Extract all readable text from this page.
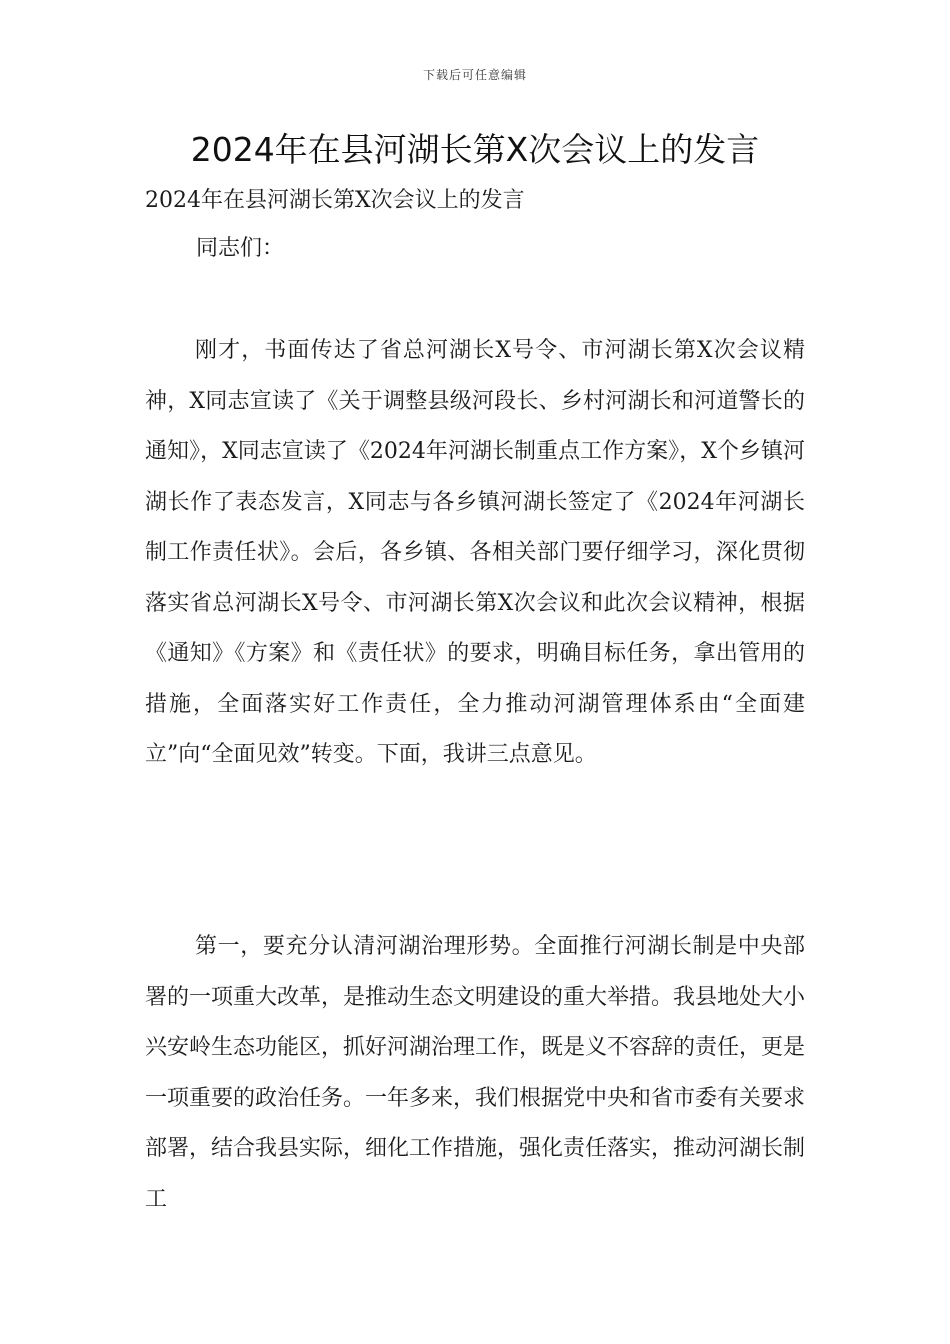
下载后可任意编辑
2024年在县河湖长第X次会议上的发言

2024年在县河湖长第X次会议上的发言

同志们：

刚才，书面传达了省总河湖长X号令、市河湖长第X次会议精神，X同志宣读了《关于调整县级河段长、乡村河湖长和河道警长的通知》，X同志宣读了《2024年河湖长制重点工作方案》，X个乡镇河湖长作了表态发言，X同志与各乡镇河湖长签定了《2024年河湖长制工作责任状》。会后，各乡镇、各相关部门要仔细学习，深化贯彻落实省总河湖长X号令、市河湖长第X次会议和此次会议精神，根据《通知》《方案》和《责任状》的要求，明确目标任务，拿出管用的措施，全面落实好工作责任，全力推动河湖管理体系由“全面建立”向“全面见效”转变。下面，我讲三点意见。

第一，要充分认清河湖治理形势。全面推行河湖长制是中央部署的一项重大改革，是推动生态文明建设的重大举措。我县地处大小兴安岭生态功能区，抓好河湖治理工作，既是义不容辞的责任，更是一项重要的政治任务。一年多来，我们根据党中央和省市委有关要求部署，结合我县实际，细化工作措施，强化责任落实，推动河湖长制工
